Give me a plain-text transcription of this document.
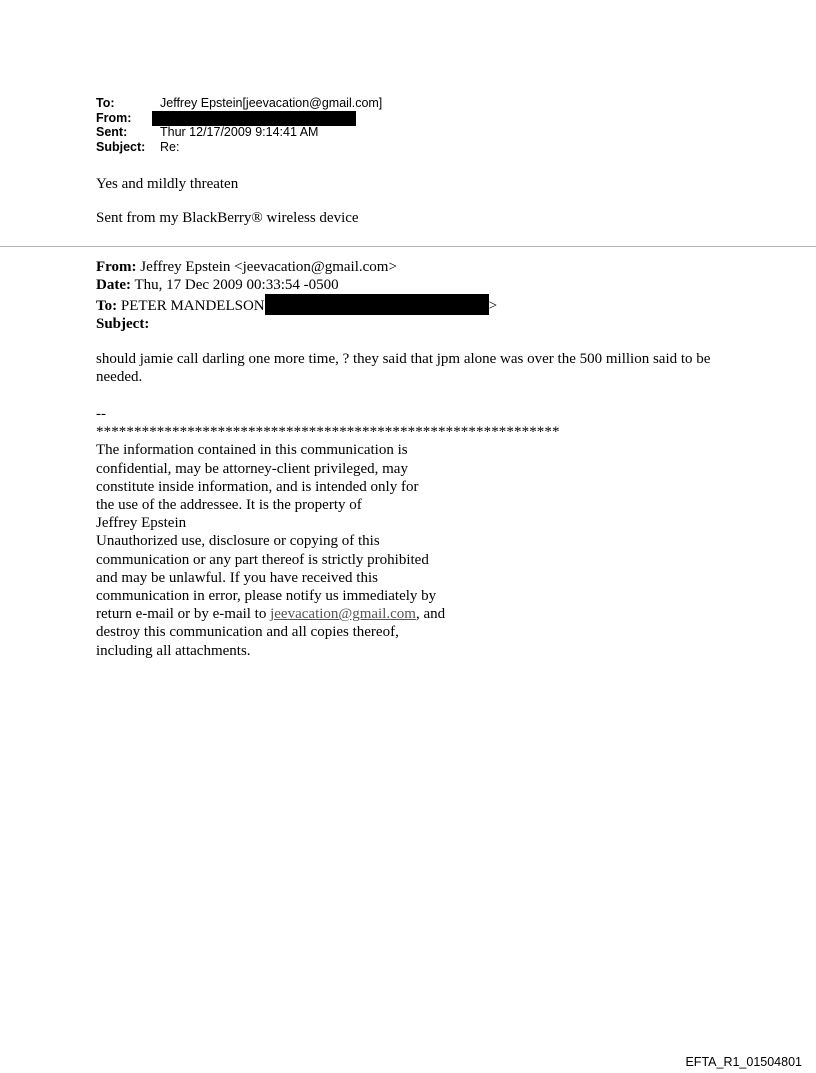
To:	Jeffrey Epstein[jeevacation@gmail.com]
From:
Sent:	Thur 12/17/2009 9:14:41 AM
Subject: Re:
Yes and mildly threaten
Sent from my BlackBerry® wireless device
From: Jeffrey Epstein <jeevacation@gmail.com>
Date: Thu, 17 Dec 2009 00:33:54 -0500
To: PETER MANDELSON	>
Subject:
should jamie call darling one more time, ? they said that jpm alone was over the 500 million said to be needed.
--
*************************************************************
The information contained in this communication is
confidential, may be attorney-client privileged, may
constitute inside information, and is intended only for
the use of the addressee. It is the property of
Jeffrey Epstein
Unauthorized use, disclosure or copying of this
communication or any part thereof is strictly prohibited
and may be unlawful. If you have received this
communication in error, please notify us immediately by
return e-mail or by e-mail to jeevacation@gmail.com, and
destroy this communication and all copies thereof,
including all attachments.
EFTA_R1_01504801
